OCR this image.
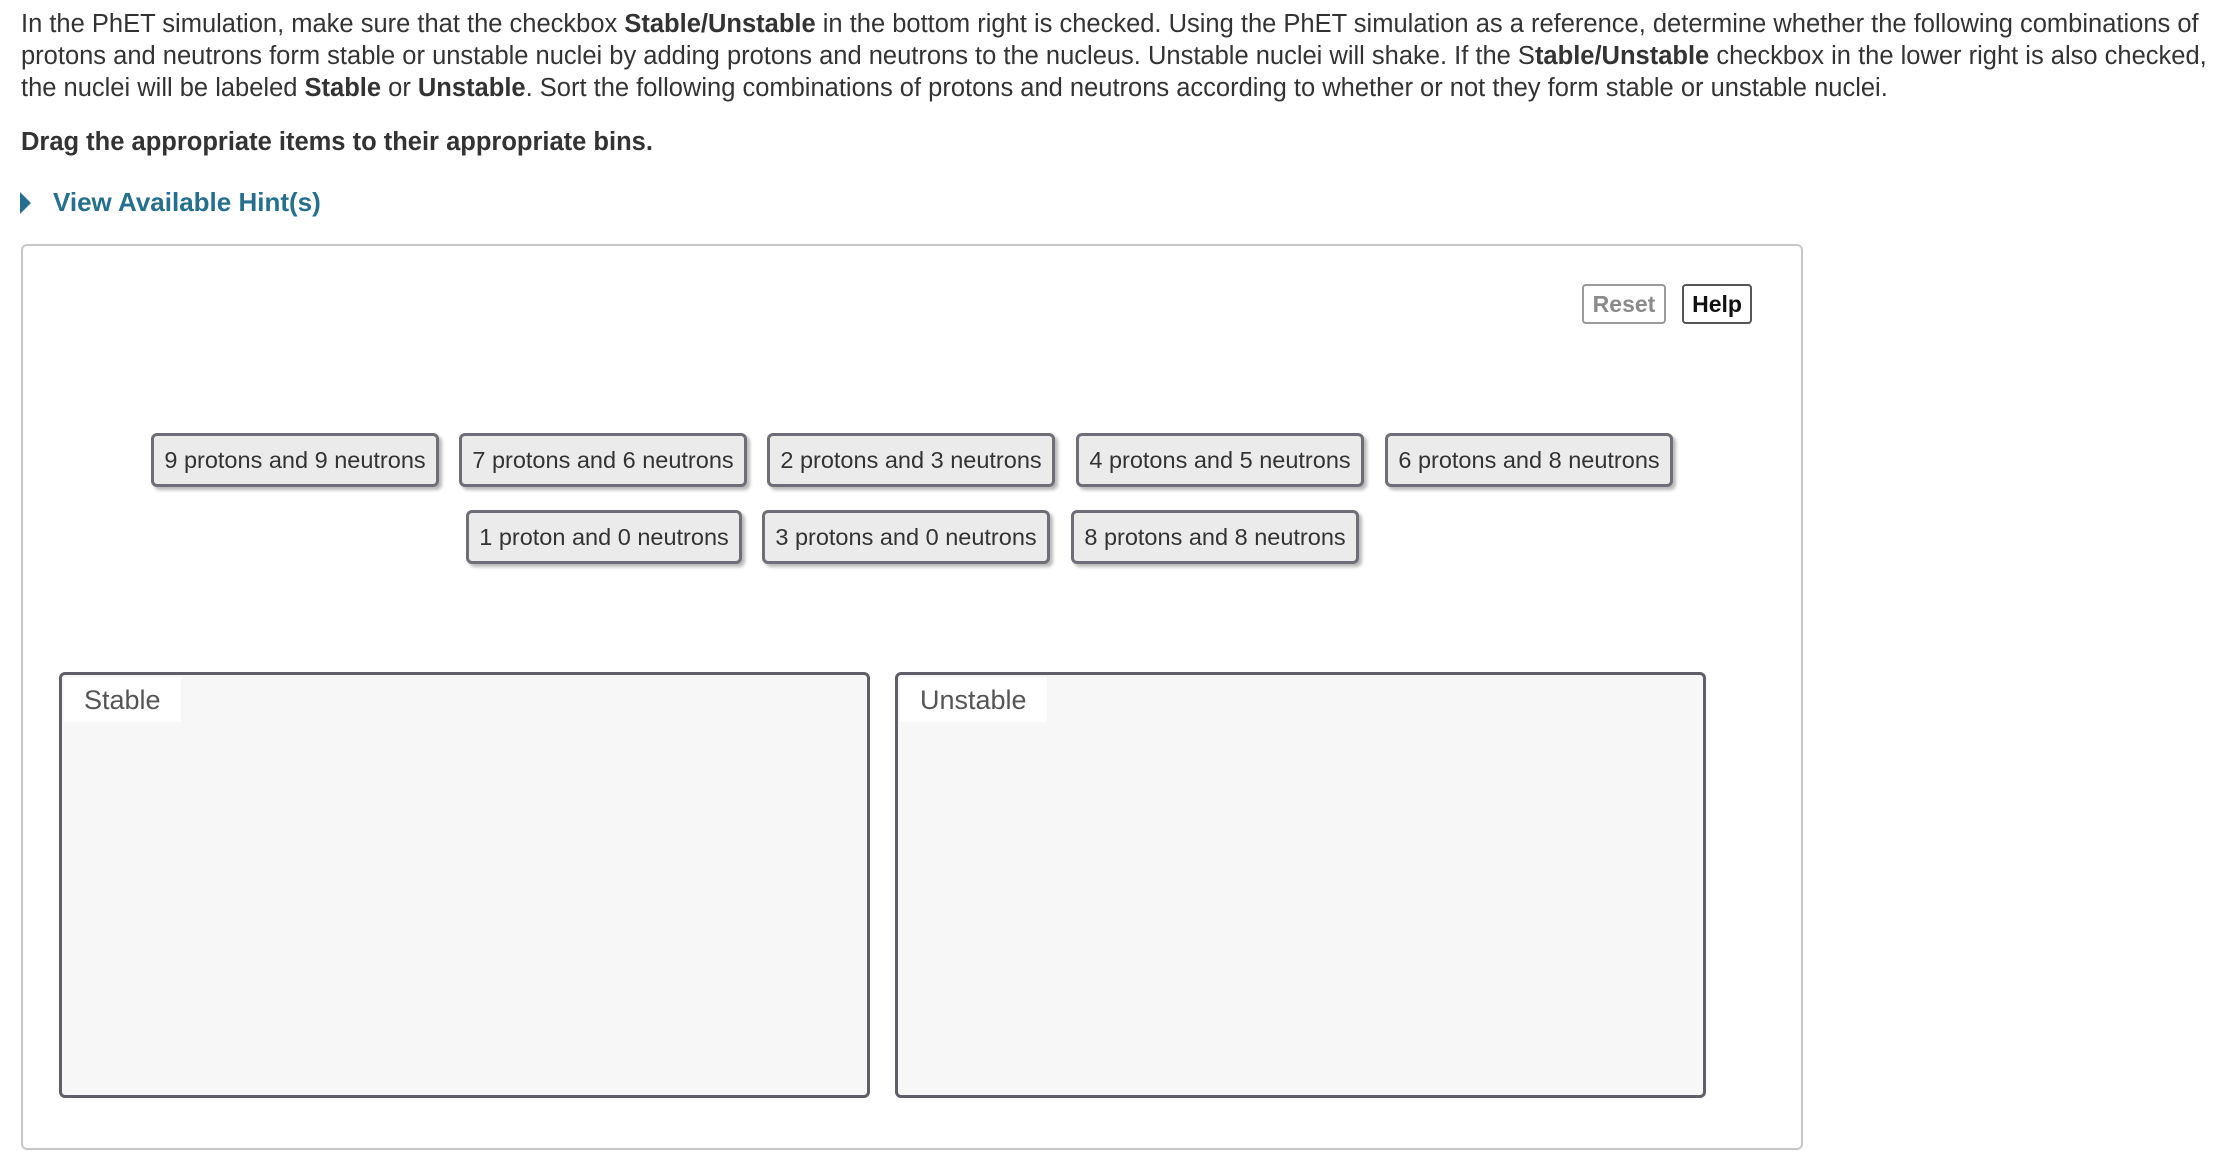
In the PhET simulation, make sure that the checkbox Stable/Unstable in the bottom right is checked. Using the PhET simulation as a reference, determine whether the following combinations of protons and neutrons form stable or unstable nuclei by adding protons and neutrons to the nucleus. Unstable nuclei will shake. If the Stable/Unstable checkbox in the lower right is also checked, the nuclei will be labeled Stable or Unstable. Sort the following combinations of protons and neutrons according to whether or not they form stable or unstable nuclei.

Drag the appropriate items to their appropriate bins.

View Available Hint(s)
Reset	Help
9 protons and 9 neutrons	7 protons and 6 neutrons	2 protons and 3 neutrons	4 protons and 5 neutrons	6 protons and 8 neutrons
1 proton and 0 neutrons	3 protons and 0 neutrons	8 protons and 8 neutrons
Stable	Unstable
